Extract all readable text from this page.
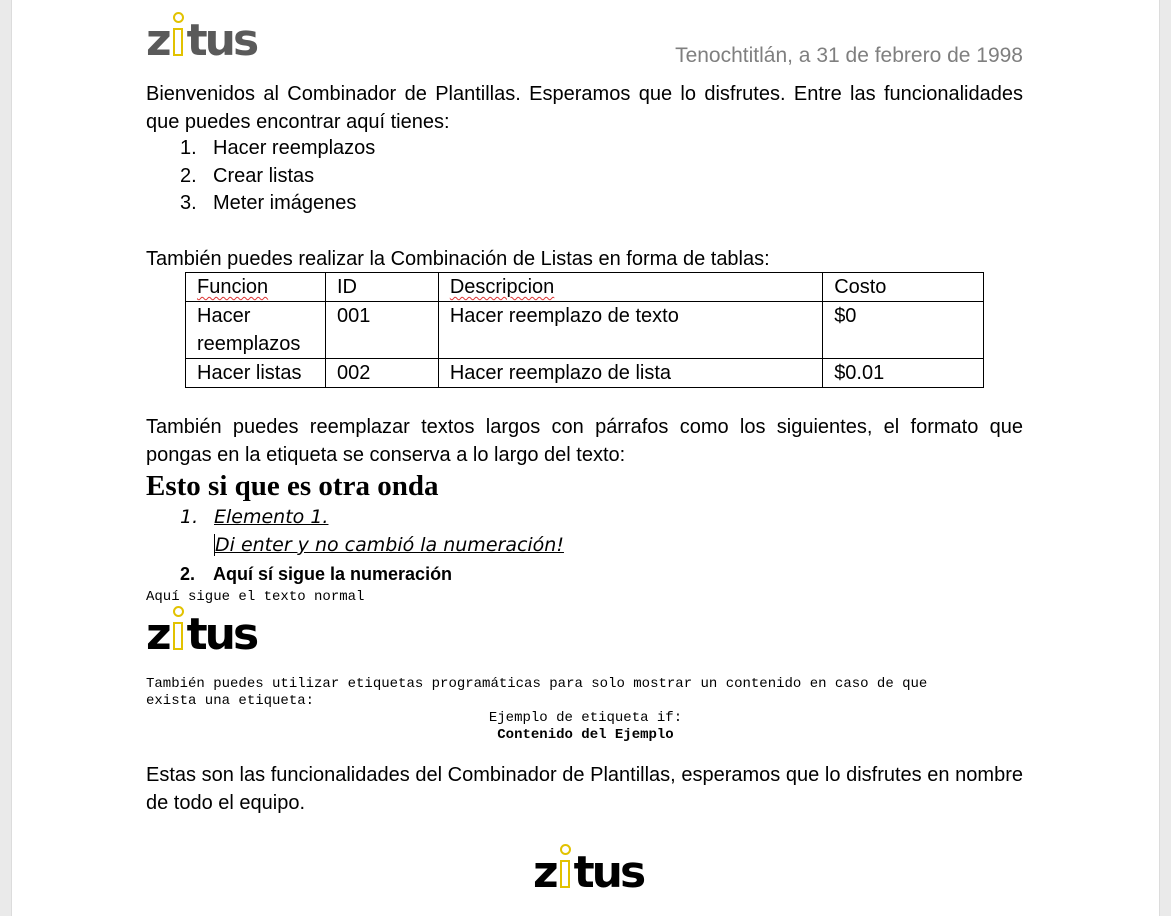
z tus	Tenochtitlán, a 31 de febrero de 1998
Bienvenidos al Combinador de Plantillas. Esperamos que lo disfrutes. Entre las funcionalidades que puedes encontrar aquí tienes:
1. Hacer reemplazos
2. Crear listas
3. Meter imágenes
También puedes realizar la Combinación de Listas en forma de tablas:
Funcion	ID	Descripcion	Costo
Hacer reemplazos	001	Hacer reemplazo de texto	$0
Hacer listas	002	Hacer reemplazo de lista	$0.01
También puedes reemplazar textos largos con párrafos como los siguientes, el formato que pongas en la etiqueta se conserva a lo largo del texto:
Esto si que es otra onda
1. Elemento 1.
Di enter y no cambió la numeración!
2. Aquí sí sigue la numeración
Aquí sigue el texto normal
z tus
También puedes utilizar etiquetas programáticas para solo mostrar un contenido en caso de que
exista una etiqueta:
Ejemplo de etiqueta if:
Contenido del Ejemplo
Estas son las funcionalidades del Combinador de Plantillas, esperamos que lo disfrutes en nombre de todo el equipo.
z tus
